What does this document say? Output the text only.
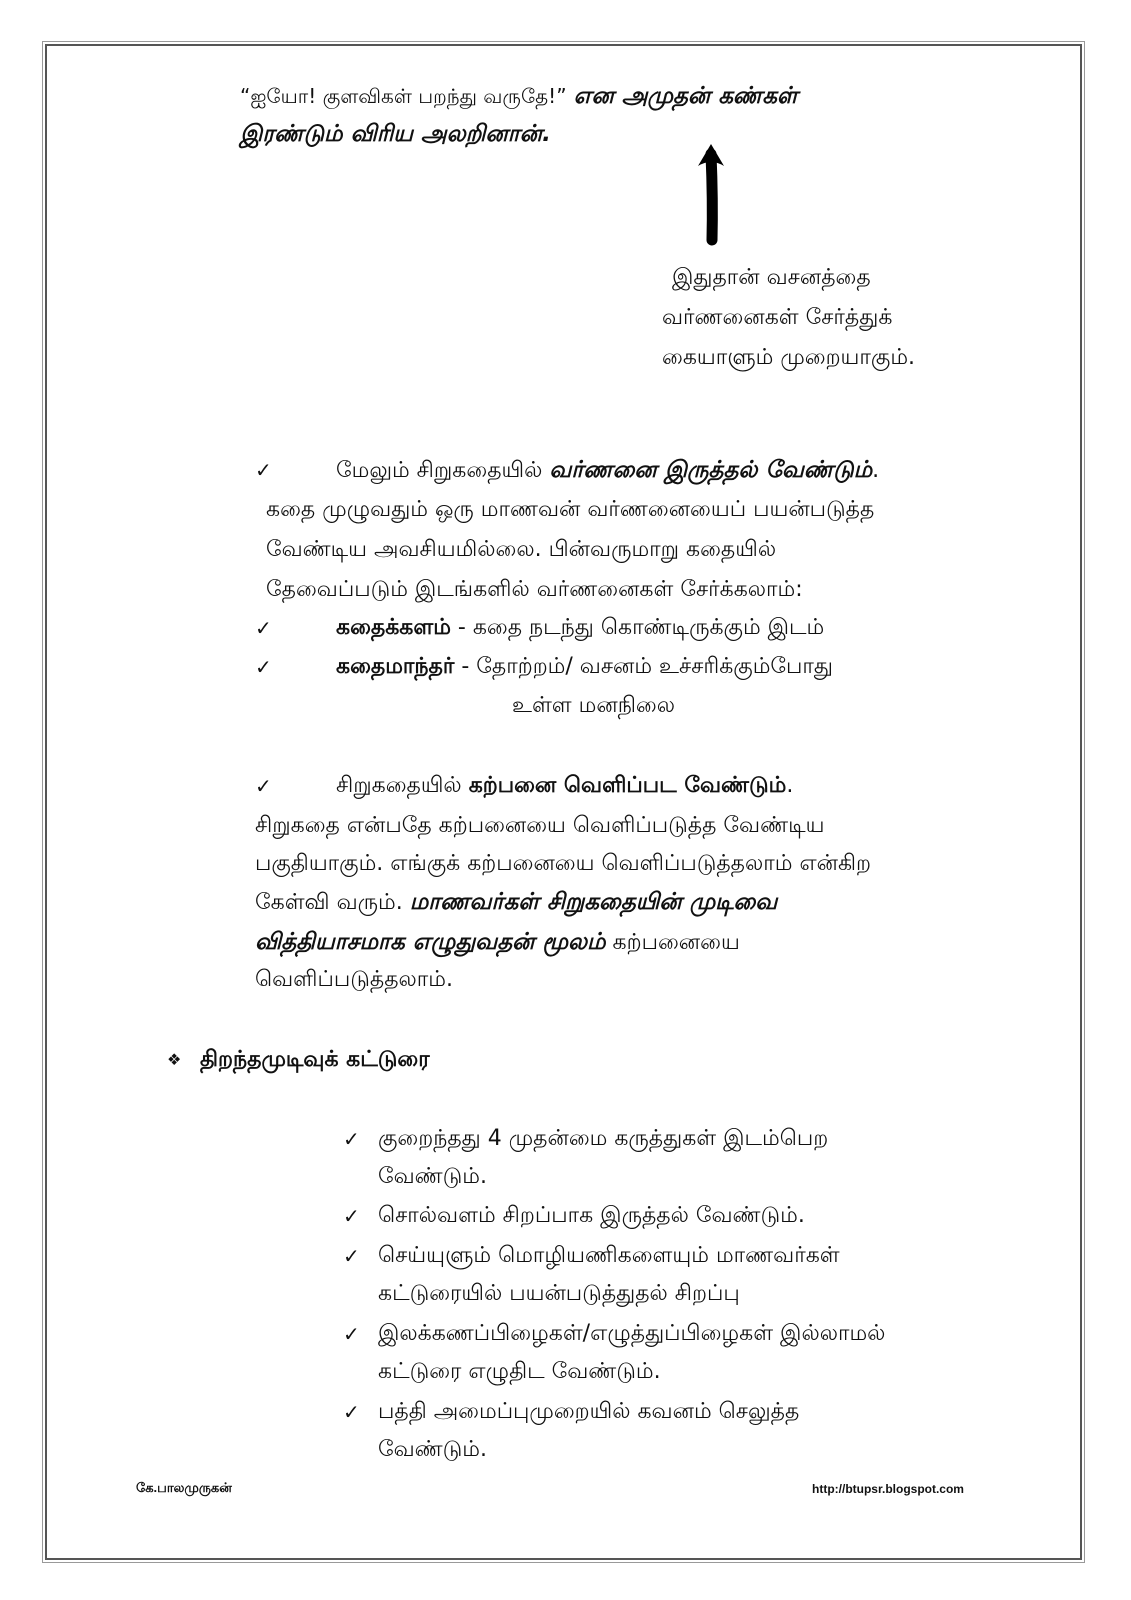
“ஐயோ! குளவிகள் பறந்து வருதே!” என அமுதன் கண்கள்
இரண்டும் விரிய அலறினான்.
இதுதான் வசனத்தை
வர்ணனைகள் சேர்த்துக்
கையாளும் முறையாகும்.
✓	மேலும் சிறுகதையில் வர்ணனை இருத்தல் வேண்டும்.
கதை முழுவதும் ஒரு மாணவன் வர்ணனையைப் பயன்படுத்த
வேண்டிய அவசியமில்லை. பின்வருமாறு கதையில்
தேவைப்படும் இடங்களில் வர்ணனைகள் சேர்க்கலாம்:
✓	கதைக்களம் - கதை நடந்து கொண்டிருக்கும் இடம்
✓	கதைமாந்தர் - தோற்றம்/ வசனம் உச்சரிக்கும்போது
உள்ள மனநிலை
✓	சிறுகதையில் கற்பனை வெளிப்பட வேண்டும்.
சிறுகதை என்பதே கற்பனையை வெளிப்படுத்த வேண்டிய
பகுதியாகும். எங்குக் கற்பனையை வெளிப்படுத்தலாம் என்கிற
கேள்வி வரும். மாணவர்கள் சிறுகதையின் முடிவை
வித்தியாசமாக எழுதுவதன் மூலம் கற்பனையை
வெளிப்படுத்தலாம்.
❖ திறந்தமுடிவுக் கட்டுரை
✓ குறைந்தது 4 முதன்மை கருத்துகள் இடம்பெற
வேண்டும்.
✓ சொல்வளம் சிறப்பாக இருத்தல் வேண்டும்.
✓ செய்யுளும் மொழியணிகளையும் மாணவர்கள்
கட்டுரையில் பயன்படுத்துதல் சிறப்பு
✓ இலக்கணப்பிழைகள்/எழுத்துப்பிழைகள் இல்லாமல்
கட்டுரை எழுதிட வேண்டும்.
✓ பத்தி அமைப்புமுறையில் கவனம் செலுத்த
வேண்டும்.
கே.பாலமுருகன்	http://btupsr.blogspot.com
